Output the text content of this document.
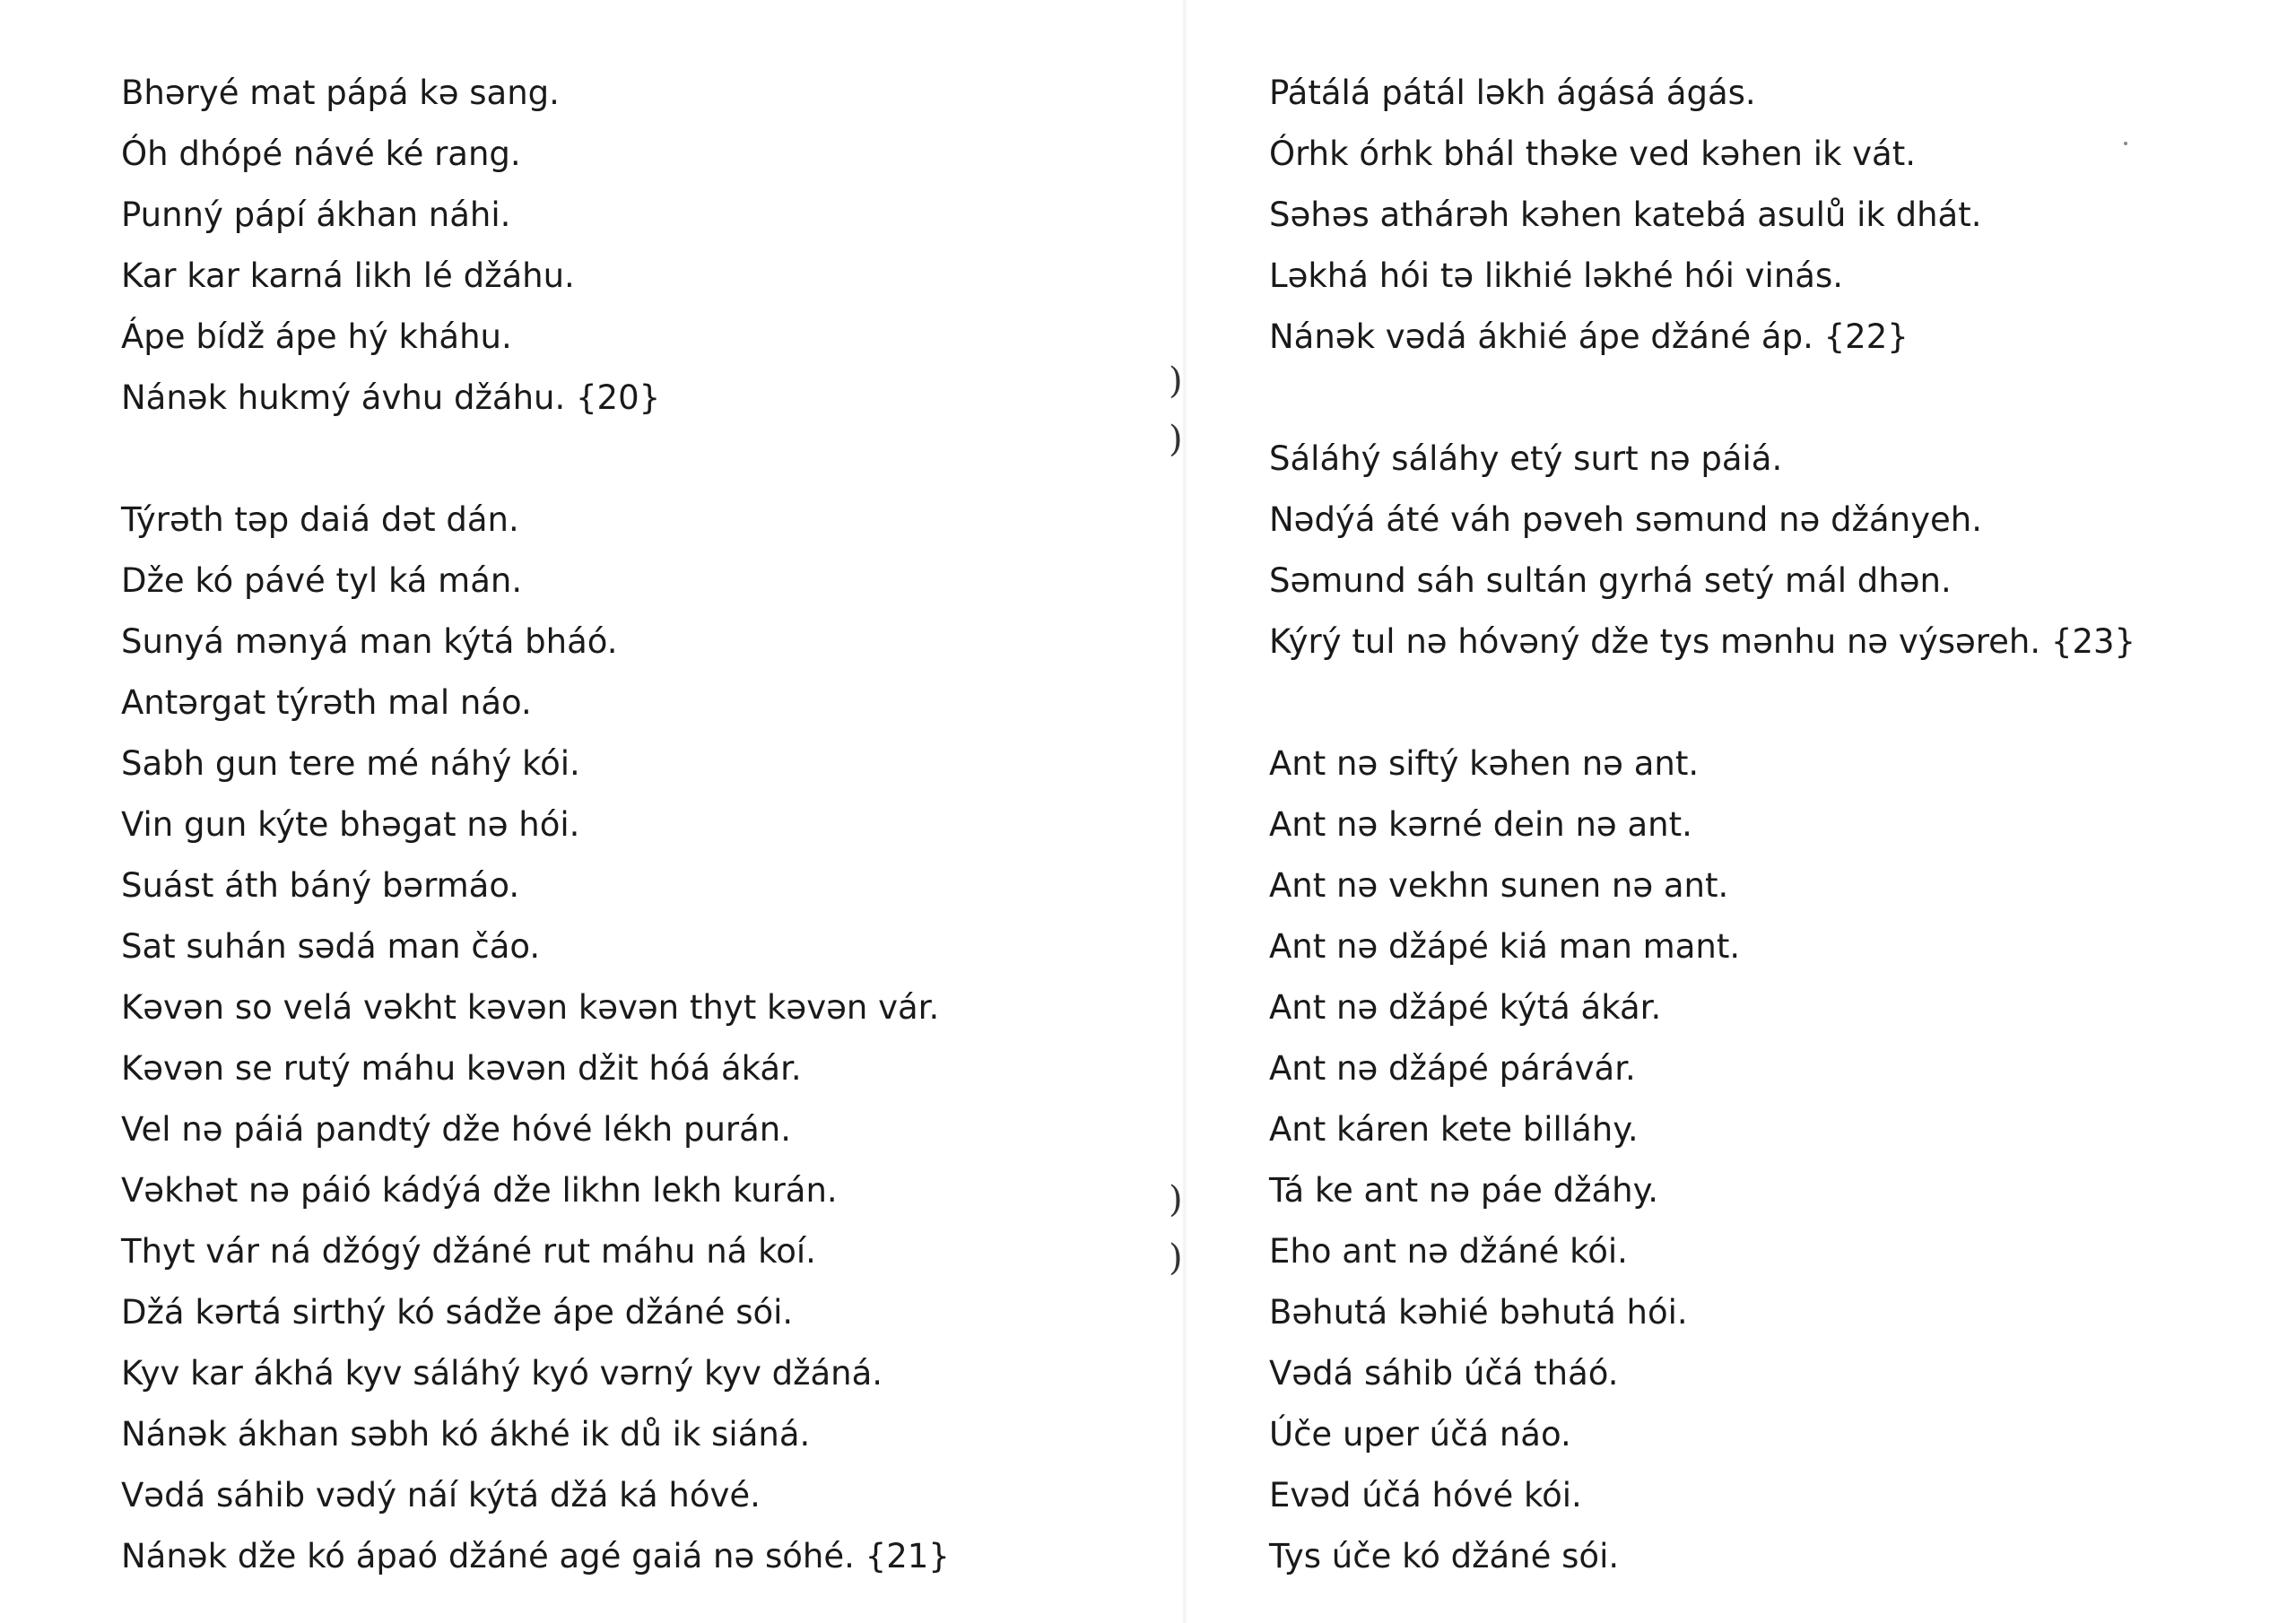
)
)
)
)
Bhəryé mat pápá kə sang.
Óh dhópé návé ké rang.
Punný pápí ákhan náhi.
Kar kar karná likh lé džáhu.
Ápe bídž ápe hý kháhu.
Nánək hukmý ávhu džáhu. {20}
Týrəth təp daiá dət dán.
Dže kó pávé tyl ká mán.
Sunyá mənyá man kýtá bháó.
Antərgat týrəth mal náo.
Sabh gun tere mé náhý kói.
Vin gun kýte bhəgat nə hói.
Suást áth báný bərmáo.
Sat suhán sədá man čáo.
Kəvən so velá vəkht kəvən kəvən thyt kəvən vár.
Kəvən se rutý máhu kəvən džit hóá ákár.
Vel nə páiá pandtý dže hóvé lékh purán.
Vəkhət nə páió kádýá dže likhn lekh kurán.
Thyt vár ná džógý džáné rut máhu ná koí.
Džá kərtá sirthý kó sádže ápe džáné sói.
Kyv kar ákhá kyv sáláhý kyó vərný kyv džáná.
Nánək ákhan səbh kó ákhé ik dů ik siáná.
Vədá sáhib vədý náí kýtá džá ká hóvé.
Nánək dže kó ápaó džáné agé gaiá nə sóhé. {21}
Pátálá pátál ləkh ágásá ágás.
Órhk órhk bhál thəke ved kəhen ik vát.
Səhəs athárəh kəhen katebá asulů ik dhát.
Ləkhá hói tə likhié ləkhé hói vinás.
Nánək vədá ákhié ápe džáné áp. {22}
Sáláhý sáláhy etý surt nə páiá.
Nədýá áté váh pəveh səmund nə džányeh.
Səmund sáh sultán gyrhá setý mál dhən.
Kýrý tul nə hóvəný dže tys mənhu nə výsəreh. {23}
Ant nə siftý kəhen nə ant.
Ant nə kərné dein nə ant.
Ant nə vekhn sunen nə ant.
Ant nə džápé kiá man mant.
Ant nə džápé kýtá ákár.
Ant nə džápé párávár.
Ant káren kete billáhy.
Tá ke ant nə páe džáhy.
Eho ant nə džáné kói.
Bəhutá kəhié bəhutá hói.
Vədá sáhib účá tháó.
Úče uper účá náo.
Evəd účá hóvé kói.
Tys úče kó džáné sói.
